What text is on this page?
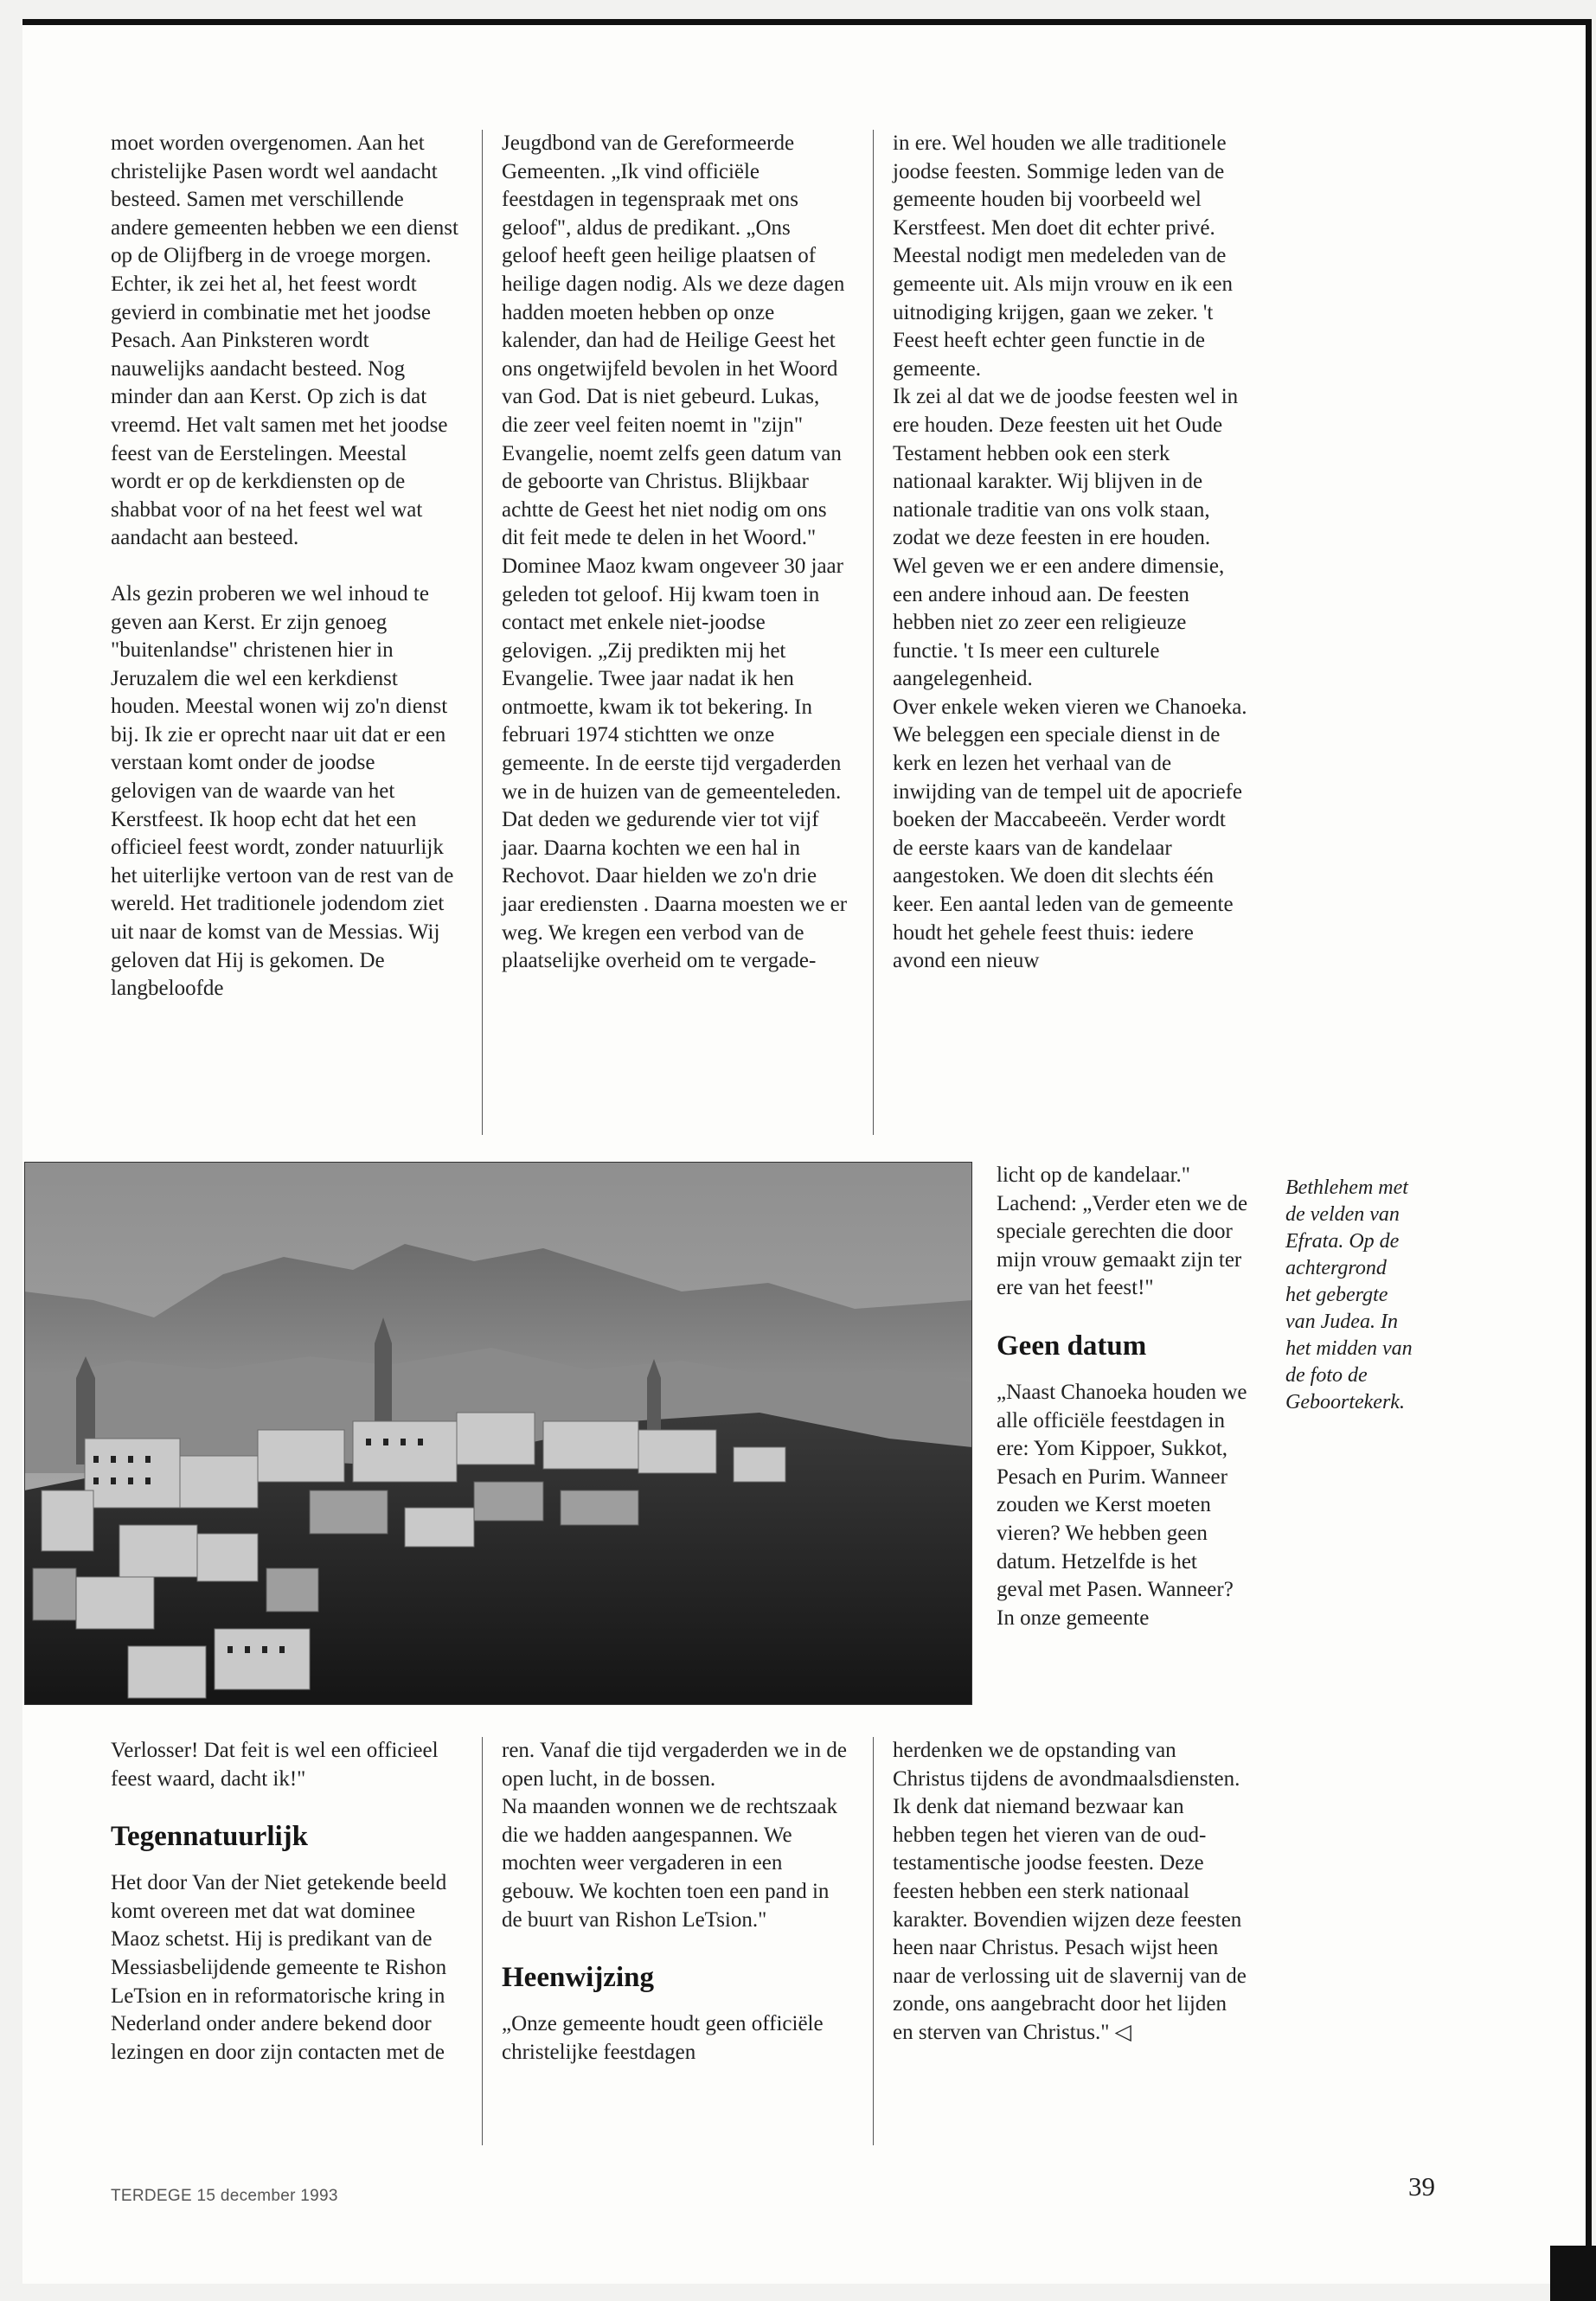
moet worden overgenomen. Aan het christelijke Pasen wordt wel aandacht besteed. Samen met verschillende andere gemeenten hebben we een dienst op de Olijfberg in de vroege morgen. Echter, ik zei het al, het feest wordt gevierd in combinatie met het joodse Pesach. Aan Pinksteren wordt nauwelijks aandacht besteed. Nog minder dan aan Kerst. Op zich is dat vreemd. Het valt samen met het joodse feest van de Eerstelingen. Meestal wordt er op de kerkdiensten op de shabbat voor of na het feest wel wat aandacht aan besteed.

Als gezin proberen we wel inhoud te geven aan Kerst. Er zijn genoeg "buitenlandse" christenen hier in Jeruzalem die wel een kerkdienst houden. Meestal wonen wij zo'n dienst bij. Ik zie er oprecht naar uit dat er een verstaan komt onder de joodse gelovigen van de waarde van het Kerstfeest. Ik hoop echt dat het een officieel feest wordt, zonder natuurlijk het uiterlijke vertoon van de rest van de wereld. Het traditionele jodendom ziet uit naar de komst van de Messias. Wij geloven dat Hij is gekomen. De langbeloofde

Jeugdbond van de Gereformeerde Gemeenten. „Ik vind officiële feestdagen in tegenspraak met ons geloof", aldus de predikant. „Ons geloof heeft geen heilige plaatsen of heilige dagen nodig. Als we deze dagen hadden moeten hebben op onze kalender, dan had de Heilige Geest het ons ongetwijfeld bevolen in het Woord van God. Dat is niet gebeurd. Lukas, die zeer veel feiten noemt in "zijn" Evangelie, noemt zelfs geen datum van de geboorte van Christus. Blijkbaar achtte de Geest het niet nodig om ons dit feit mede te delen in het Woord."

Dominee Maoz kwam ongeveer 30 jaar geleden tot geloof. Hij kwam toen in contact met enkele niet-joodse gelovigen. „Zij predikten mij het Evangelie. Twee jaar nadat ik hen ontmoette, kwam ik tot bekering. In februari 1974 stichtten we onze gemeente. In de eerste tijd vergaderden we in de huizen van de gemeenteleden. Dat deden we gedurende vier tot vijf jaar. Daarna kochten we een hal in Rechovot. Daar hielden we zo'n drie jaar erediensten . Daarna moesten we er weg. We kregen een verbod van de plaatselijke overheid om te vergade-

in ere. Wel houden we alle traditionele joodse feesten. Sommige leden van de gemeente houden bij voorbeeld wel Kerstfeest. Men doet dit echter privé. Meestal nodigt men medeleden van de gemeente uit. Als mijn vrouw en ik een uitnodiging krijgen, gaan we zeker. 't Feest heeft echter geen functie in de gemeente.

Ik zei al dat we de joodse feesten wel in ere houden. Deze feesten uit het Oude Testament hebben ook een sterk nationaal karakter. Wij blijven in de nationale traditie van ons volk staan, zodat we deze feesten in ere houden. Wel geven we er een andere dimensie, een andere inhoud aan. De feesten hebben niet zo zeer een religieuze functie. 't Is meer een culturele aangelegenheid.

Over enkele weken vieren we Chanoeka. We beleggen een speciale dienst in de kerk en lezen het verhaal van de inwijding van de tempel uit de apocriefe boeken der Maccabeeën. Verder wordt de eerste kaars van de kandelaar aangestoken. We doen dit slechts één keer. Een aantal leden van de gemeente houdt het gehele feest thuis: iedere avond een nieuw

licht op de kandelaar." Lachend: „Verder eten we de speciale gerechten die door mijn vrouw gemaakt zijn ter ere van het feest!"

Geen datum

„Naast Chanoeka houden we alle officiële feestdagen in ere: Yom Kippoer, Sukkot, Pesach en Purim. Wanneer zouden we Kerst moeten vieren? We hebben geen datum. Hetzelfde is het geval met Pasen. Wanneer?

In onze gemeente

Bethlehem met de velden van Efrata. Op de achtergrond het gebergte van Judea. In het midden van de foto de Geboortekerk.

Verlosser! Dat feit is wel een officieel feest waard, dacht ik!"

Tegennatuurlijk

Het door Van der Niet getekende beeld komt overeen met dat wat dominee Maoz schetst. Hij is predikant van de Messiasbelijdende gemeente te Rishon LeTsion en in reformatorische kring in Nederland onder andere bekend door lezingen en door zijn contacten met de

ren. Vanaf die tijd vergaderden we in de open lucht, in de bossen.

Na maanden wonnen we de rechtszaak die we hadden aangespannen. We mochten weer vergaderen in een gebouw. We kochten toen een pand in de buurt van Rishon LeTsion."

Heenwijzing

„Onze gemeente houdt geen officiële christelijke feestdagen

herdenken we de opstanding van Christus tijdens de avondmaalsdiensten.

Ik denk dat niemand bezwaar kan hebben tegen het vieren van de oud-testamentische joodse feesten. Deze feesten hebben een sterk nationaal karakter. Bovendien wijzen deze feesten heen naar Christus. Pesach wijst heen naar de verlossing uit de slavernij van de zonde, ons aangebracht door het lijden en sterven van Christus." ◁

TERDEGE 15 december 1993	39
